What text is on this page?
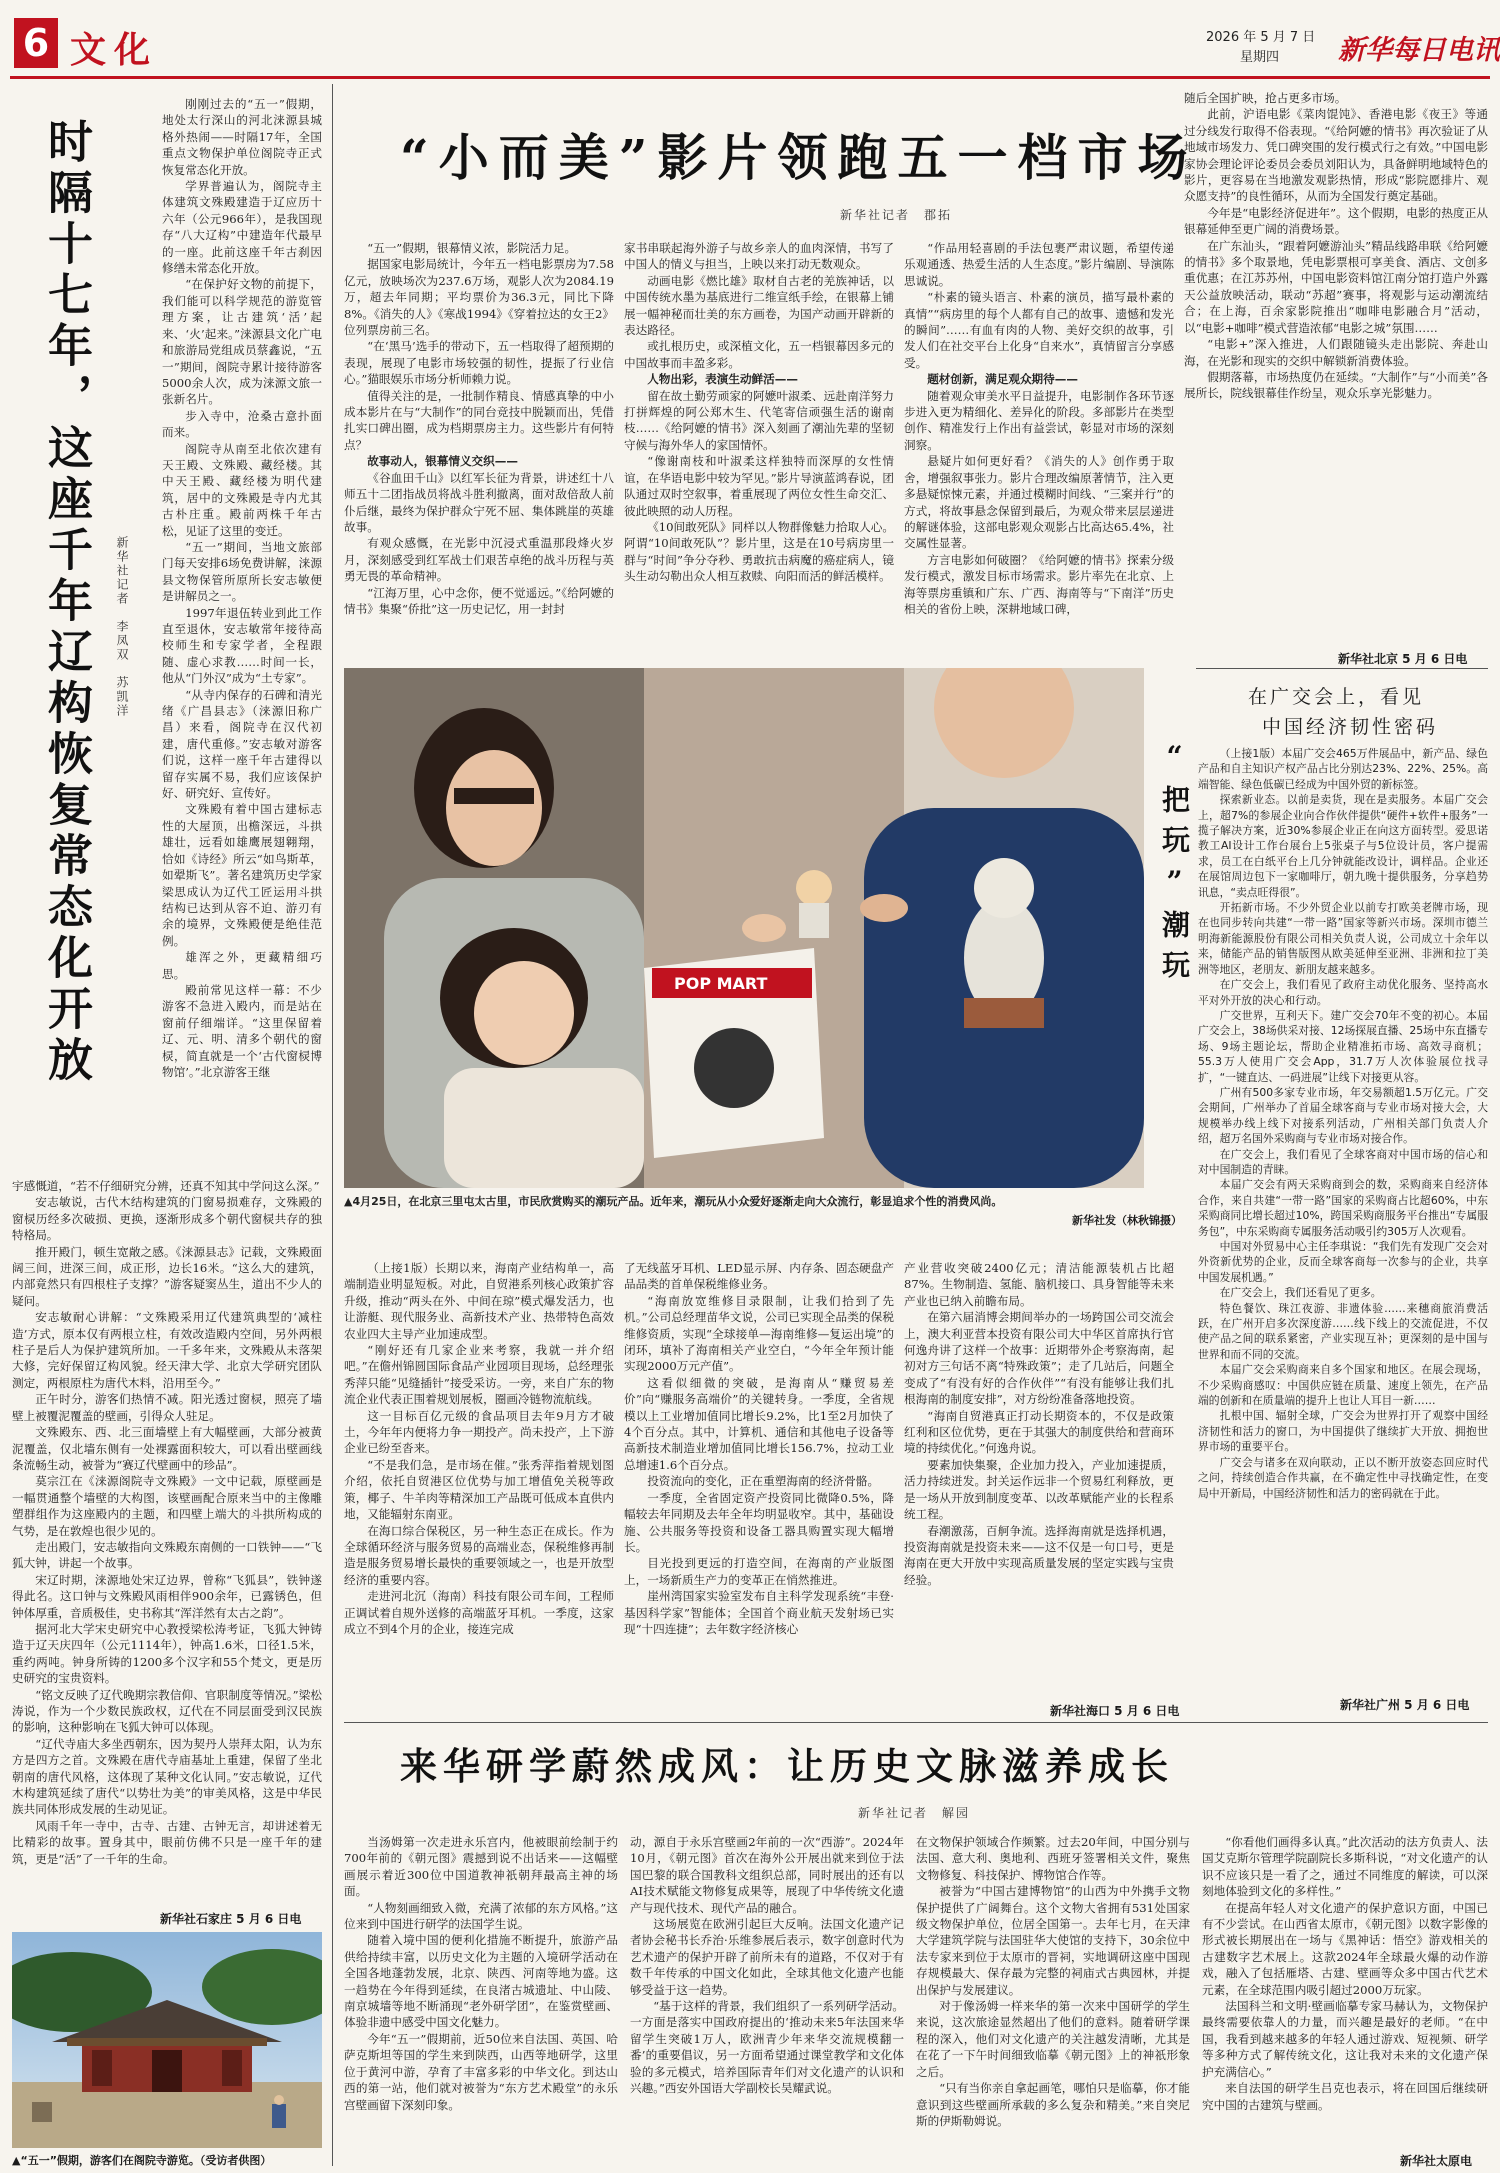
6 文化	2026 年 5 月 7 日
星期四 新华每日电讯
时隔十七年，这座千年辽构恢复常态化开放 新华社记者　李凤双　苏凯洋

刚刚过去的“五一”假期，地处太行深山的河北涞源县城格外热闹——时隔17年，全国重点文物保护单位阁院寺正式恢复常态化开放。

学界普遍认为，阁院寺主体建筑文殊殿建造于辽应历十六年（公元966年），是我国现存“八大辽构”中建造年代最早的一座。此前这座千年古刹因修缮未常态化开放。

“在保护好文物的前提下，我们能可以科学规范的游览管理方案，让古建筑‘活’起来、‘火’起来。”涞源县文化广电和旅游局党组成员蔡鑫说，“五一”期间，阁院寺累计接待游客5000余人次，成为涞源文旅一张新名片。

步入寺中，沧桑古意扑面而来。

阁院寺从南至北依次建有天王殿、文殊殿、藏经楼。其中天王殿、藏经楼为明代建筑，居中的文殊殿是寺内尤其古朴庄重。殿前两株千年古松，见证了这里的变迁。

“五一”期间，当地文旅部门每天安排6场免费讲解，涞源县文物保管所原所长安志敏便是讲解员之一。

1997年退伍转业到此工作直至退休，安志敏常年接待高校师生和专家学者，全程跟随、虚心求教……时间一长，他从“门外汉”成为“土专家”。

“从寺内保存的石碑和清光绪《广昌县志》（涞源旧称广昌）来看，阁院寺在汉代初建，唐代重修。”安志敏对游客们说，这样一座千年古建得以留存实属不易，我们应该保护好、研究好、宣传好。

文殊殿有着中国古建标志性的大屋顶，出檐深远，斗拱雄壮，远看如雄鹰展翅翱翔，恰如《诗经》所云“如鸟斯革，如翚斯飞”。著名建筑历史学家梁思成认为辽代工匠运用斗拱结构已达到从容不迫、游刃有余的境界，文殊殿便是绝佳范例。

雄浑之外，更藏精细巧思。

殿前常见这样一幕：不少游客不急进入殿内，而是站在窗前仔细端详。“这里保留着辽、元、明、清多个朝代的窗棂，简直就是一个‘古代窗棂博物馆’。”北京游客王继

宇感慨道，“若不仔细研究分辨，还真不知其中学问这么深。”

安志敏说，古代木结构建筑的门窗易损难存，文殊殿的窗棂历经多次破损、更换，逐渐形成多个朝代窗棂共存的独特格局。

推开殿门，顿生宽敞之感。《涞源县志》记载，文殊殿面阔三间，进深三间，成正形，边长16米。“这么大的建筑，内部竟然只有四根柱子支撑？”游客疑窦丛生，道出不少人的疑问。

安志敏耐心讲解：“文殊殿采用辽代建筑典型的‘减柱造’方式，原本仅有两根立柱，有效改造殿内空间，另外两根柱子是后人为保护建筑所加。一千多年来，文殊殿从未落架大修，完好保留辽构风貌。经天津大学、北京大学研究团队测定，两根原柱为唐代木料，沿用至今。”

正午时分，游客们热情不减。阳光透过窗棂，照亮了墙壁上被覆泥覆盖的壁画，引得众人驻足。

文殊殿东、西、北三面墙壁上有大幅壁画，大部分被黄泥覆盖，仅北墙东侧有一处裸露面积较大，可以看出壁画线条流畅生动，被誉为“赛辽代壁画中的珍品”。

莫宗江在《涞源阁院寺文殊殿》一文中记载，原壁画是一幅贯通整个墙壁的大构图，该壁画配合原来当中的主像雕塑群组作为这座殿内的主题，和四壁上端大的斗拱所构成的气势，是在敦煌也很少见的。

走出殿门，安志敏指向文殊殿东南侧的一口铁钟——“飞狐大钟，讲起一个故事。

宋辽时期，涞源地处宋辽边界，曾称“飞狐县”，铁钟遂得此名。这口钟与文殊殿风雨相伴900余年，已露锈色，但钟体厚重，音质极佳，史书称其“浑洋然有太古之韵”。

据河北大学宋史研究中心教授梁松涛考证，飞狐大钟铸造于辽天庆四年（公元1114年），钟高1.6米，口径1.5米，重约两吨。钟身所铸的1200多个汉字和55个梵文，更是历史研究的宝贵资料。

“铭文反映了辽代晚期宗教信仰、官职制度等情况。”梁松涛说，作为一个少数民族政权，辽代在不同层面受到汉民族的影响，这种影响在飞狐大钟可以体现。

“辽代寺庙大多坐西朝东，因为契丹人崇拜太阳，认为东方是四方之首。文殊殿在唐代寺庙基址上重建，保留了坐北朝南的唐代风格，这体现了某种文化认同。”安志敏说，辽代木构建筑延续了唐代“以势壮为美”的审美风格，这是中华民族共同体形成发展的生动见证。

风雨千年一寺中，古寺、古建、古钟无言，却讲述着无比精彩的故事。置身其中，眼前仿佛不只是一座千年的建筑，更是“活”了一千年的生命。

新华社石家庄 5 月 6 日电
▲“五一”假期，游客们在阁院寺游览。（受访者供图）
“小而美”影片领跑五一档市场
新华社记者　郡拓

“五一”假期，银幕情义浓，影院活力足。

据国家电影局统计，今年五一档电影票房为7.58亿元，放映场次为237.6万场，观影人次为2084.19万，超去年同期；平均票价为36.3元，同比下降8%。《消失的人》《寒战1994》《穿着拉达的女王2》位列票房前三名。

“在‘黑马’选手的带动下，五一档取得了超预期的表现，展现了电影市场较强的韧性，提振了行业信心。”猫眼娱乐市场分析师赖力说。

值得关注的是，一批制作精良、情感真挚的中小成本影片在与“大制作”的同台竞技中脱颖而出，凭借扎实口碑出圈，成为档期票房主力。这些影片有何特点？

故事动人，银幕情义交织——

《谷血田千山》以红军长征为背景，讲述红十八师五十二团指战员将战斗胜利撤离，面对敌倍敌人前仆后继，最终为保护群众宁死不屈、集体跳崖的英雄故事。

有观众感慨，在光影中沉浸式重温那段烽火岁月，深刻感受到红军战士们艰苦卓绝的战斗历程与英勇无畏的革命精神。

“江海万里，心中念你，便不觉遥远。”《给阿嬷的情书》集聚“侨批”这一历史记忆，用一封封

家书串联起海外游子与故乡亲人的血肉深情，书写了中国人的情义与担当，上映以来打动无数观众。

动画电影《燃比雄》取材自古老的羌族神话，以中国传统水墨为基底进行二维宣纸手绘，在银幕上铺展一幅神秘而壮美的东方画卷，为国产动画开辟新的表达路径。

或扎根历史，或深植文化，五一档银幕因多元的中国故事而丰盈多彩。

人物出彩，表演生动鲜活——

留在故土勤劳顽家的阿嬷叶淑柔、远赴南洋努力打拼辉煌的阿公郑木生、代笔寄信顽强生活的谢南枝……《给阿嬷的情书》深入刻画了潮汕先辈的坚韧守候与海外华人的家国情怀。

“像谢南枝和叶淑柔这样独特而深厚的女性情谊，在华语电影中较为罕见。”影片导演蓝鸿春说，团队通过双时空叙事，着重展现了两位女性生命交汇、彼此映照的动人历程。

《10间敢死队》同样以人物群像魅力拾取人心。阿谓“10间敢死队”？影片里，这是在10号病房里一群与“时间”争分夺秒、勇敢抗击病魔的癌症病人，镜头生动勾勒出众人相互救赎、向阳而活的鲜活模样。

“作品用轻喜剧的手法包裹严肃议题，希望传递乐观通透、热爱生活的人生态度。”影片编剧、导演陈思诚说。

“朴素的镜头语言、朴素的演员，描写最朴素的真情”“病房里的每个人都有自己的故事、遗憾和发光的瞬间”……有血有肉的人物、美好交织的故事，引发人们在社交平台上化身“自来水”，真情留言分享感受。

题材创新，满足观众期待——

随着观众审美水平日益提升，电影制作各环节逐步进入更为精细化、差异化的阶段。多部影片在类型创作、精准发行上作出有益尝试，彰显对市场的深刻洞察。

悬疑片如何更好看？《消失的人》创作勇于取舍，增强叙事张力。影片合理改编原著情节，注入更多悬疑惊悚元素，并通过模糊时间线、“三案并行”的方式，将故事悬念保留到最后，为观众带来层层递进的解谜体验，这部电影观众观影占比高达65.4%，社交属性显著。

方言电影如何破圈？《给阿嬷的情书》探索分级发行模式，激发目标市场需求。影片率先在北京、上海等票房重镇和广东、广西、海南等与“下南洋”历史相关的省份上映，深耕地域口碑，

随后全国扩映，抢占更多市场。

此前，沪语电影《菜肉馄饨》、香港电影《夜王》等通过分线发行取得不俗表现。“《给阿嬷的情书》再次验证了从地域市场发力、凭口碑突围的发行模式行之有效。”中国电影家协会理论评论委员会委员刘阳认为，具备鲜明地域特色的影片，更容易在当地激发观影热情，形成“影院愿排片、观众愿支持”的良性循环，从而为全国发行奠定基础。

今年是“电影经济促进年”。这个假期，电影的热度正从银幕延伸至更广阔的消费场景。

在广东汕头，“跟着阿嬷游汕头”精品线路串联《给阿嬷的情书》多个取景地，凭电影票根可享美食、酒店、文创多重优惠；在江苏苏州，中国电影资料馆江南分馆打造户外露天公益放映活动，联动“苏超”赛事，将观影与运动潮流结合；在上海，百余家影院推出“咖啡电影融合月”活动，以“电影+咖啡”模式营造浓郁“电影之城”氛围……

“电影+”深入推进，人们跟随镜头走出影院、奔赴山海，在光影和现实的交织中解锁新消费体验。

假期落幕，市场热度仍在延续。“大制作”与“小而美”各展所长，院线银幕佳作纷呈，观众乐享光影魅力。

新华社北京 5 月 6 日电
POP MART	“把玩”潮玩
▲4月25日，在北京三里屯太古里，市民欣赏购买的潮玩产品。近年来，潮玩从小众爱好逐渐走向大众流行，彰显追求个性的消费风尚。
新华社发（林秋锦摄）
在广交会上，看见
中国经济韧性密码

（上接1版）本届广交会465万件展品中，新产品、绿色产品和自主知识产权产品占比分别达23%、22%、25%。高端智能、绿色低碳已经成为中国外贸的新标签。

探索新业态。以前是卖货，现在是卖服务。本届广交会上，超7%的参展企业向合作伙伴提供“硬件+软件+服务”一揽子解决方案，近30%参展企业正在向这方面转型。爱思诺教工AI设计工作台展台上5张桌子与5位设计员，客户提需求，员工在白纸平台上几分钟就能改设计，调样品。企业还在展馆周边包下一家咖啡厅，朝九晚十提供服务，分享趋势讯息，“卖点旺得很”。

开拓新市场。不少外贸企业以前专打欧美老牌市场，现在也同步转向共建“一带一路”国家等新兴市场。深圳市德兰明海新能源股份有限公司相关负责人说，公司成立十余年以来，储能产品的销售版图从欧美延伸至亚洲、非洲和拉丁美洲等地区，老朋友、新朋友越来越多。

在广交会上，我们看见了政府主动优化服务、坚持高水平对外开放的决心和行动。

广交世界，互利天下。建广交会70年不变的初心。本届广交会上，38场供采对接、12场探展直播、25场中东直播专场、9场主题论坛，帮助企业精准拓市场、高效寻商机；55.3万人使用广交会App，31.7万人次体验展位找寻扩，“一键直达、一码进展”让线下对接更从容。

广州有500多家专业市场，年交易额超1.5万亿元。广交会期间，广州举办了首届全球客商与专业市场对接大会，大规模举办线上线下对接系列活动，广州相关部门负责人介绍，超万名国外采购商与专业市场对接合作。

在广交会上，我们看见了全球客商对中国市场的信心和对中国制造的青睐。

本届广交会有两天采购商到会的数，采购商来自经济体合作，来自共建“一带一路”国家的采购商占比超60%，中东采购商同比增长超过10%，跨国采购商服务平台推出“专属服务包”，中东采购商专属服务活动吸引约305万人次观看。

中国对外贸易中心主任李琪说：“我们先有发现广交会对外资新优势的企业，反而全球客商每一次参与的企业，共享中国发展机遇。”

在广交会上，我们还看见了更多。

特色餐饮、珠江夜游、非遗体验……来穗商旅消费活跃，在广州开启多次深度游……线下线上的交流促进，不仅使产品之间的联系紧密，产业实现互补；更深刻的是中国与世界和而不同的交流。

本届广交会采购商来自多个国家和地区。在展会现场，不少采购商感叹：中国供应链在质量、速度上领先，在产品端的创新和在质量端的提升上也让人耳目一新……

扎根中国、辐射全球，广交会为世界打开了观察中国经济韧性和活力的窗口，为中国提供了继续扩大开放、拥抱世界市场的重要平台。

广交会与诸多在双向联动，正以不断开放姿态回应时代之问，持续创造合作共赢，在不确定性中寻找确定性，在变局中开新局，中国经济韧性和活力的密码就在于此。

新华社广州 5 月 6 日电

（上接1版）长期以来，海南产业结构单一，高端制造业明显短板。对此，自贸港系列核心政策扩容升级，推动“两头在外、中间在琼”模式爆发活力，也让游艇、现代服务业、高新技术产业、热带特色高效农业四大主导产业加速成型。

“刚好还有几家企业来考察，我就一并介绍吧。”在儋州锦圆国际食品产业园项目现场，总经理张秀萍只能“见缝插针”接受采访。一旁，来自广东的物流企业代表正围着规划展板，圈画冷链物流航线。

这一目标百亿元级的食品项目去年9月方才破土，今年年内便将力争一期投产。尚未投产，上下游企业已纷至沓来。

“不是我们急，是市场在催。”张秀萍指着规划图介绍，依托自贸港区位优势与加工增值免关税等政策，椰子、牛羊肉等精深加工产品既可低成本直供内地，又能辐射东南亚。

在海口综合保税区，另一种生态正在成长。作为全球循环经济与服务贸易的高端业态，保税维修再制造是服务贸易增长最快的重要领域之一，也是开放型经济的重要内容。

走进河北沉（海南）科技有限公司车间，工程师正调试着自规外送修的高端蓝牙耳机。一季度，这家成立不到4个月的企业，接连完成

了无线蓝牙耳机、LED显示屏、内存条、固态硬盘产品品类的首单保税维修业务。

“海南放宽维修目录限制，让我们拾到了先机。”公司总经理苗华文说，公司已实现全品类的保税维修资质，实现“全球接单—海南维修—复运出境”的闭环，填补了海南相关产业空白，“今年全年预计能实现2000万元产值”。

这看似细微的突破，是海南从“赚贸易差价”向“赚服务高端价”的关键转身。一季度，全省规模以上工业增加值同比增长9.2%，比1至2月加快了4个百分点。其中，计算机、通信和其他电子设备等高新技术制造业增加值同比增长156.7%，拉动工业总增速1.6个百分点。

投资流向的变化，正在重塑海南的经济骨骼。

一季度，全省固定资产投资同比微降0.5%，降幅较去年同期及去年全年均明显收窄。其中，基础设施、公共服务等投资和设备工器具购置实现大幅增长。

目光投到更远的打造空间，在海南的产业版图上，一场新质生产力的变革正在悄然推进。

崖州湾国家实验室发布自主科学发现系统“丰登·基因科学家”智能体；全国首个商业航天发射场已实现“十四连捷”；去年数字经济核心

产业营收突破2400亿元；清洁能源装机占比超87%。生物制造、氢能、脑机接口、具身智能等未来产业也已纳入前瞻布局。

在第六届消博会期间举办的一场跨国公司交流会上，澳大利亚营本投资有限公司大中华区首席执行官何逸舟讲了这样一个故事：近期带外企考察海南，起初对方三句话不离“特殊政策”；走了几站后，问题全变成了“有没有好的合作伙伴”“有没有能够让我们扎根海南的制度安排”，对方纷纷准备落地投资。

“海南自贸港真正打动长期资本的，不仅是政策红利和区位优势，更在于其强大的制度供给和营商环境的持续优化。”何逸舟说。

要素加快集聚，企业加力投入，产业加速提质，活力持续迸发。封关运作远非一个贸易红利释放，更是一场从开放到制度变革、以改革赋能产业的长程系统工程。

春潮激荡，百舸争流。选择海南就是选择机遇，投资海南就是投资未来——这不仅是一句口号，更是海南在更大开放中实现高质量发展的坚定实践与宝贵经验。

新华社海口 5 月 6 日电
来华研学蔚然成风：让历史文脉滋养成长
新华社记者　解园

当汤姆第一次走进永乐宫内，他被眼前绘制于约700年前的《朝元图》震撼到说不出话来——这幅壁画展示着近300位中国道教神祇朝拜最高主神的场面。

“人物刻画细致入微，充满了浓郁的东方风格。”这位来到中国进行研学的法国学生说。

随着入境中国的便利化措施不断提升，旅游产品供给持续丰富，以历史文化为主题的入境研学活动在全国各地蓬勃发展，北京、陕西、河南等地为盛。这一趋势在今年得到延续，在良渚古城遗址、中山陵、南京城墙等地不断涌现“老外研学团”，在鉴赏壁画、体验非遗中感受中国文化魅力。

今年“五一”假期前，近50位来自法国、英国、哈萨克斯坦等国的学生来到陕西，山西等地研学，这里位于黄河中游，孕育了丰富多彩的中华文化。到达山西的第一站，他们就对被誉为“东方艺术殿堂”的永乐宫壁画留下深刻印象。

动，源自于永乐宫壁画2年前的一次“西游”。2024年10月，《朝元图》首次在海外公开展出就来到位于法国巴黎的联合国教科文组织总部，同时展出的还有以AI技术赋能文物修复成果等，展现了中华传统文化遗产与现代技术、现代产品的融合。

这场展览在欧洲引起巨大反响。法国文化遗产记者协会秘书长乔治·乐维参展后表示，数字创意时代为艺术遗产的保护开辟了前所未有的道路，不仅对于有数千年传承的中国文化如此，全球其他文化遗产也能够受益于这一趋势。

“基于这样的背景，我们组织了一系列研学活动。一方面是落实中国政府提出的‘推动未来5年法国来华留学生突破1万人，欧洲青少年来华交流规模翻一番’的重要倡议，另一方面希望通过课堂教学和文化体验的多元模式，培养国际青年们对文化遗产的认识和兴趣。”西安外国语大学副校长吴耀武说。

在文物保护领域合作频繁。过去20年间，中国分别与法国、意大利、奥地利、西班牙签署相关文件，聚焦文物修复、科技保护、博物馆合作等。

被誉为“中国古建博物馆”的山西为中外携手文物保护提供了广阔舞台。这个文物大省拥有531处国家级文物保护单位，位居全国第一。去年七月，在天津大学建筑学院与法国驻华大使馆的支持下，30余位中法专家来到位于太原市的晋祠，实地调研这座中国现存规模最大、保存最为完整的祠庙式古典园林，并提出保护与发展建议。

对于像汤姆一样来华的第一次来中国研学的学生来说，这次旅途显然超出了他们的意料。随着研学课程的深入，他们对文化遗产的关注越发清晰，尤其是在花了一下午时间细致临摹《朝元图》上的神祇形象之后。

“只有当你亲自拿起画笔，哪怕只是临摹，你才能意识到这些壁画所承载的多么复杂和精美。”来自突尼斯的伊斯勒姆说。

“你看他们画得多认真。”此次活动的法方负责人、法国艾克斯尔管理学院副院长多斯科说，“对文化遗产的认识不应该只是一看了之，通过不同维度的解读，可以深刻地体验到文化的多样性。”

在提高年轻人对文化遗产的保护意识方面，中国已有不少尝试。在山西省太原市，《朝元图》以数字影像的形式被长期展出在一场与《黑神话：悟空》游戏相关的古建数字艺术展上。这款2024年全球最火爆的动作游戏，融入了包括雁塔、古建、壁画等众多中国古代艺术元素，在全球范围内吸引超过2000万玩家。

法国科兰和文明·壁画临摹专家马赫认为，文物保护最终需要依靠人的力量，而兴趣是最好的老师。“在中国，我看到越来越多的年轻人通过游戏、短视频、研学等多种方式了解传统文化，这让我对未来的文化遗产保护充满信心。”

来自法国的研学生吕克也表示，将在回国后继续研究中国的古建筑与壁画。

新华社太原电
